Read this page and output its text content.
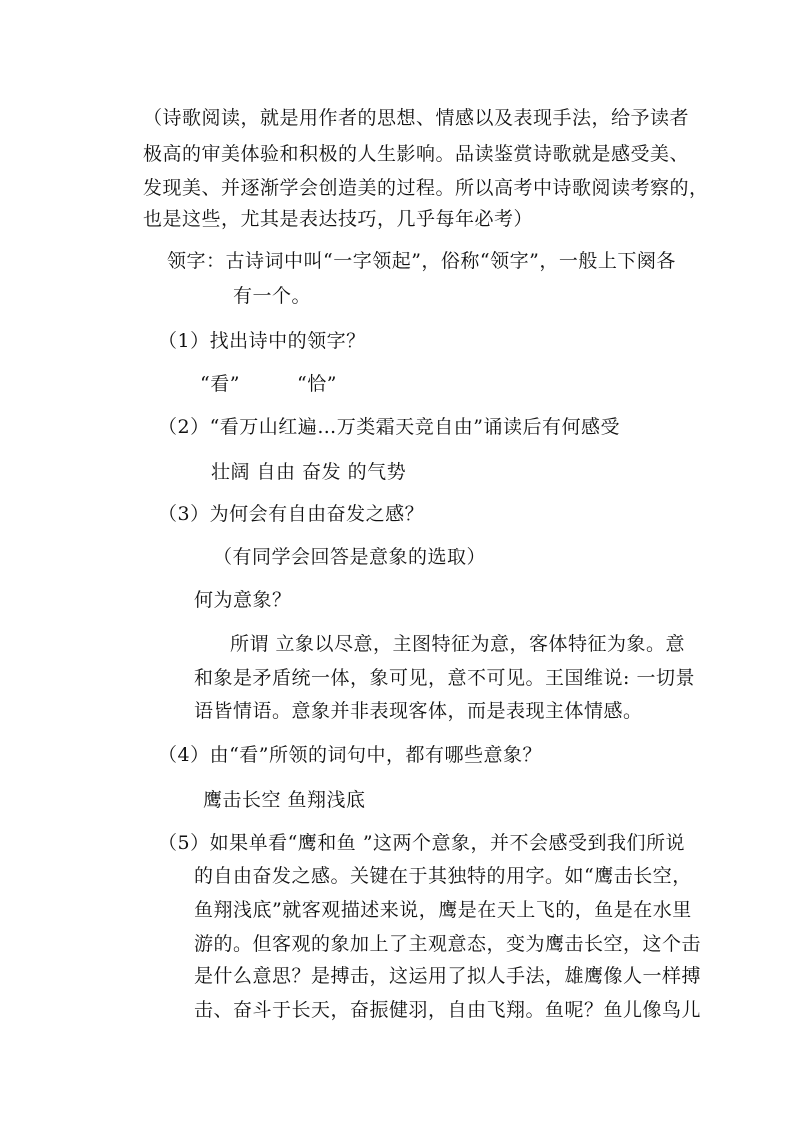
（诗歌阅读，就是用作者的思想、情感以及表现手法，给予读者
极高的审美体验和积极的人生影响。品读鉴赏诗歌就是感受美、
发现美、并逐渐学会创造美的过程。所以高考中诗歌阅读考察的，
也是这些，尤其是表达技巧，几乎每年必考）
领字：古诗词中叫“一字领起”，俗称“领字”，一般上下阕各
有一个。
（1）找出诗中的领字？
“看”	“恰”
（2）“看万山红遍…万类霜天竞自由”诵读后有何感受
壮阔 自由 奋发 的气势
（3）为何会有自由奋发之感？
（有同学会回答是意象的选取）
何为意象？
所谓 立象以尽意，主图特征为意，客体特征为象。意
和象是矛盾统一体，象可见，意不可见。王国维说: 一切景
语皆情语。意象并非表现客体，而是表现主体情感。
（4）由“看”所领的词句中，都有哪些意象？
鹰击长空 鱼翔浅底
（5）如果单看“鹰和鱼 ”这两个意象，并不会感受到我们所说
的自由奋发之感。关键在于其独特的用字。如“鹰击长空，
鱼翔浅底”就客观描述来说，鹰是在天上飞的，鱼是在水里
游的。但客观的象加上了主观意态，变为鹰击长空，这个击
是什么意思？是搏击，这运用了拟人手法，雄鹰像人一样搏
击、奋斗于长天，奋振健羽，自由飞翔。鱼呢？鱼儿像鸟儿
